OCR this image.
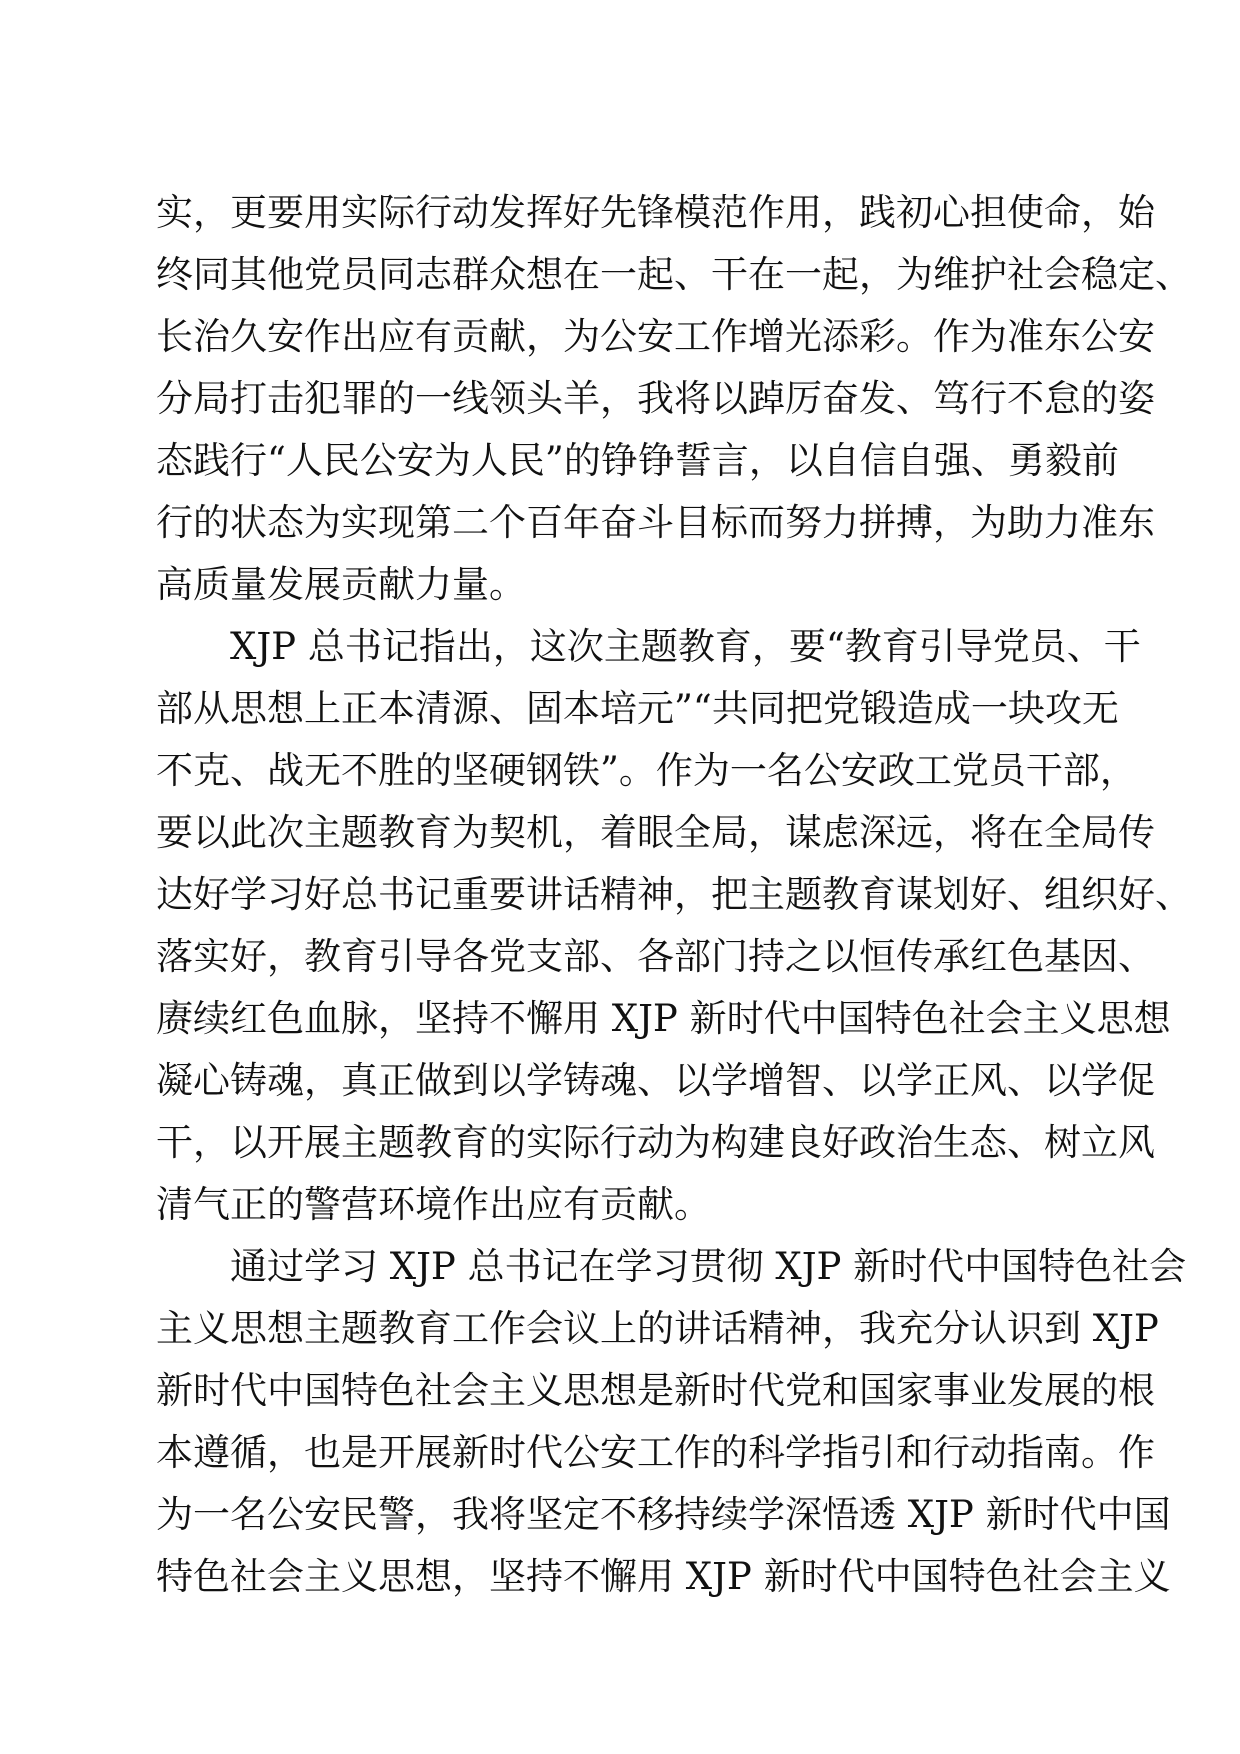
实，更要用实际行动发挥好先锋模范作用，践初心担使命，始
终同其他党员同志群众想在一起、干在一起，为维护社会稳定、
长治久安作出应有贡献，为公安工作增光添彩。作为准东公安
分局打击犯罪的一线领头羊，我将以踔厉奋发、笃行不怠的姿
态践行“人民公安为人民”的铮铮誓言，以自信自强、勇毅前
行的状态为实现第二个百年奋斗目标而努力拼搏，为助力准东
高质量发展贡献力量。
XJP 总书记指出，这次主题教育，要“教育引导党员、干
部从思想上正本清源、固本培元”“共同把党锻造成一块攻无
不克、战无不胜的坚硬钢铁”。作为一名公安政工党员干部，
要以此次主题教育为契机，着眼全局，谋虑深远，将在全局传
达好学习好总书记重要讲话精神，把主题教育谋划好、组织好、
落实好，教育引导各党支部、各部门持之以恒传承红色基因、
赓续红色血脉，坚持不懈用 XJP 新时代中国特色社会主义思想
凝心铸魂，真正做到以学铸魂、以学增智、以学正风、以学促
干，以开展主题教育的实际行动为构建良好政治生态、树立风
清气正的警营环境作出应有贡献。
通过学习 XJP 总书记在学习贯彻 XJP 新时代中国特色社会
主义思想主题教育工作会议上的讲话精神，我充分认识到 XJP
新时代中国特色社会主义思想是新时代党和国家事业发展的根
本遵循，也是开展新时代公安工作的科学指引和行动指南。作
为一名公安民警，我将坚定不移持续学深悟透 XJP 新时代中国
特色社会主义思想，坚持不懈用 XJP 新时代中国特色社会主义
